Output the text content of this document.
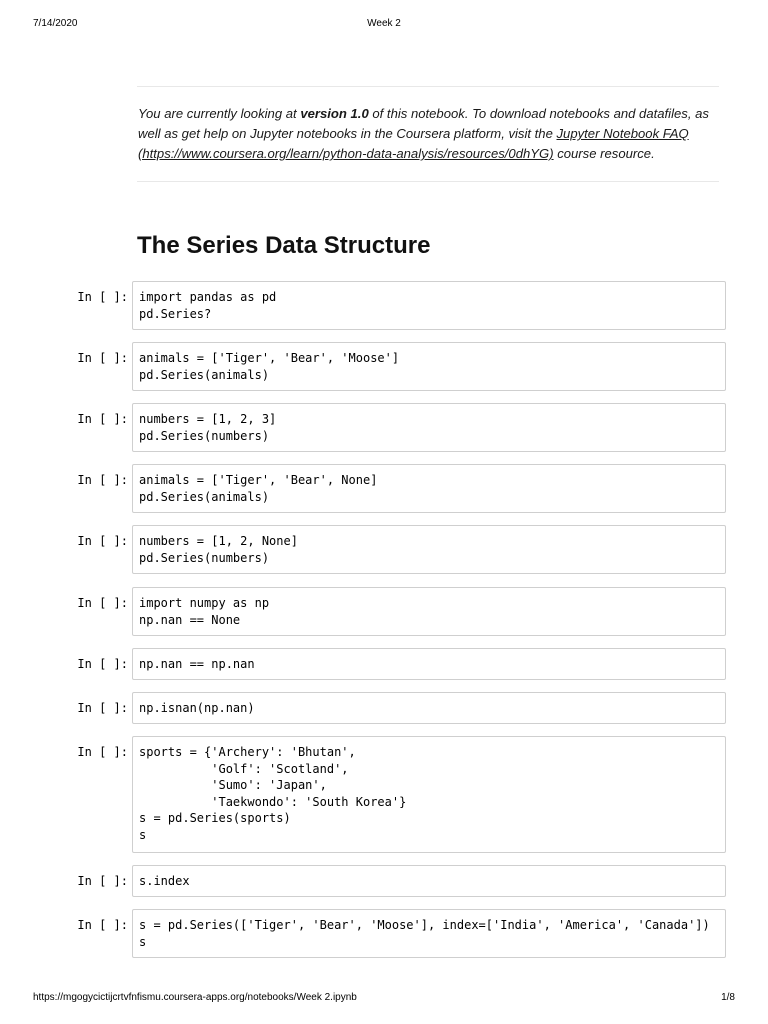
7/14/2020	Week 2
You are currently looking at version 1.0 of this notebook. To download notebooks and datafiles, as well as get help on Jupyter notebooks in the Coursera platform, visit the Jupyter Notebook FAQ (https://www.coursera.org/learn/python-data-analysis/resources/0dhYG) course resource.
The Series Data Structure
In [ ]: import pandas as pd
pd.Series?
In [ ]: animals = ['Tiger', 'Bear', 'Moose']
pd.Series(animals)
In [ ]: numbers = [1, 2, 3]
pd.Series(numbers)
In [ ]: animals = ['Tiger', 'Bear', None]
pd.Series(animals)
In [ ]: numbers = [1, 2, None]
pd.Series(numbers)
In [ ]: import numpy as np
np.nan == None
In [ ]: np.nan == np.nan
In [ ]: np.isnan(np.nan)
In [ ]: sports = {'Archery': 'Bhutan',
'Golf': 'Scotland',
'Sumo': 'Japan',
'Taekwondo': 'South Korea'}
s = pd.Series(sports)
s
In [ ]: s.index
In [ ]: s = pd.Series(['Tiger', 'Bear', 'Moose'], index=['India', 'America', 'Canada'])
s
https://mgogycictijcrtvfnfismu.coursera-apps.org/notebooks/Week 2.ipynb	1/8
